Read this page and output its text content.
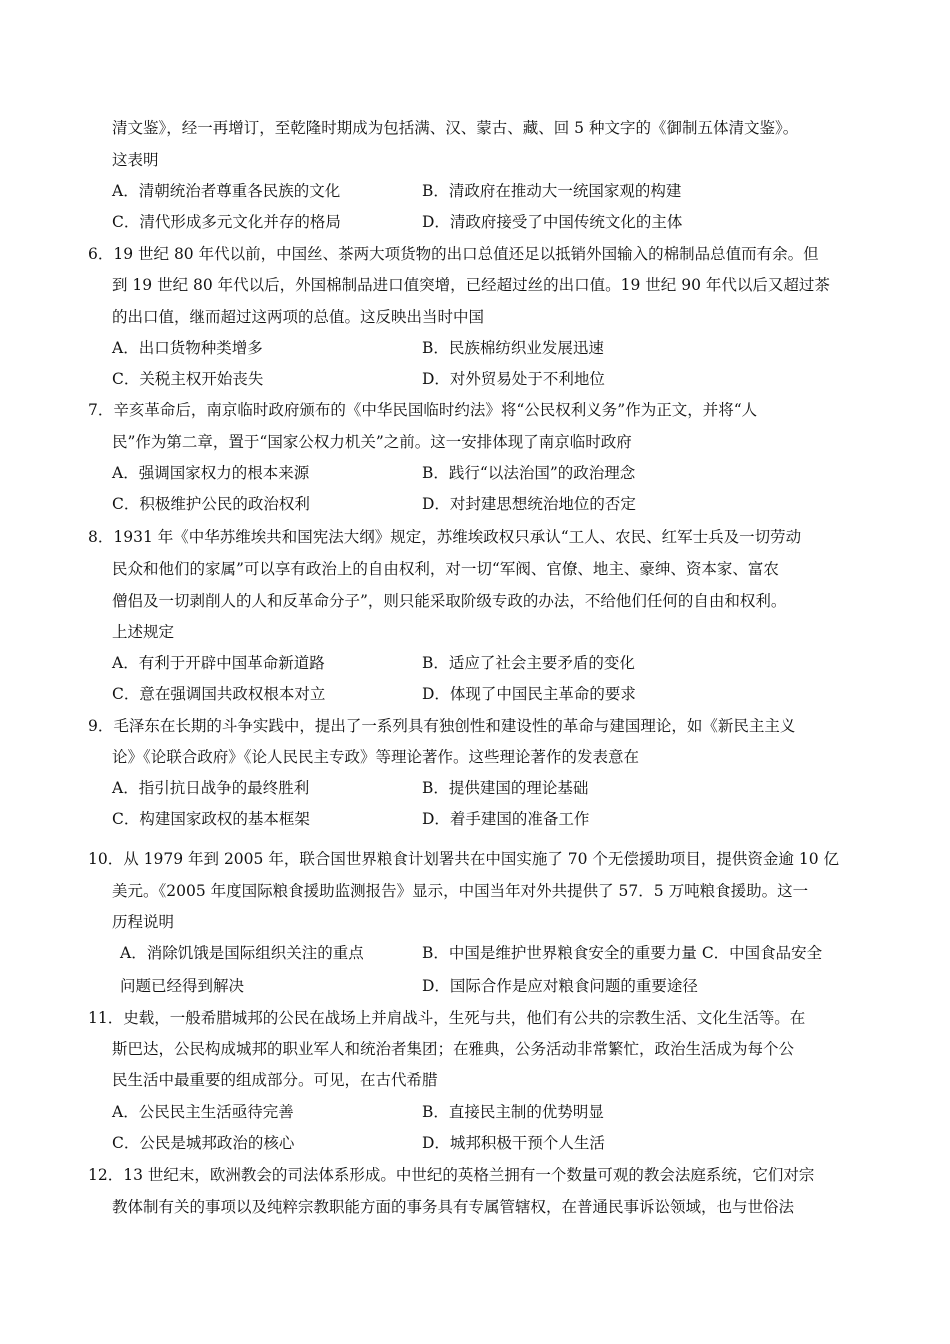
清文鉴》，经一再增订，至乾隆时期成为包括满、汉、蒙古、藏、回 5 种文字的《御制五体清文鉴》。
这表明
A．清朝统治者尊重各民族的文化	B．清政府在推动大一统国家观的构建
C．清代形成多元文化并存的格局	D．清政府接受了中国传统文化的主体
6．19 世纪 80 年代以前，中国丝、茶两大项货物的出口总值还足以抵销外国输入的棉制品总值而有余。但
到 19 世纪 80 年代以后，外国棉制品进口值突增，已经超过丝的出口值。19 世纪 90 年代以后又超过茶
的出口值，继而超过这两项的总值。这反映出当时中国
A．出口货物种类增多	B．民族棉纺织业发展迅速
C．关税主权开始丧失	D．对外贸易处于不利地位
7．辛亥革命后，南京临时政府颁布的《中华民国临时约法》将“公民权利义务”作为正文，并将“人
民”作为第二章，置于“国家公权力机关”之前。这一安排体现了南京临时政府
A．强调国家权力的根本来源	B．践行“以法治国”的政治理念
C．积极维护公民的政治权利	D．对封建思想统治地位的否定
8．1931 年《中华苏维埃共和国宪法大纲》规定，苏维埃政权只承认“工人、农民、红军士兵及一切劳动
民众和他们的家属”可以享有政治上的自由权利，对一切“军阀、官僚、地主、豪绅、资本家、富农
僧侣及一切剥削人的人和反革命分子”，则只能采取阶级专政的办法，不给他们任何的自由和权利。
上述规定
A．有利于开辟中国革命新道路	B．适应了社会主要矛盾的变化
C．意在强调国共政权根本对立	D．体现了中国民主革命的要求
9．毛泽东在长期的斗争实践中，提出了一系列具有独创性和建设性的革命与建国理论，如《新民主主义
论》《论联合政府》《论人民民主专政》等理论著作。这些理论著作的发表意在
A．指引抗日战争的最终胜利	B．提供建国的理论基础
C．构建国家政权的基本框架	D．着手建国的准备工作
10．从 1979 年到 2005 年，联合国世界粮食计划署共在中国实施了 70 个无偿援助项目，提供资金逾 10 亿
美元。《2005 年度国际粮食援助监测报告》显示，中国当年对外共提供了 57．5 万吨粮食援助。这一
历程说明
A．消除饥饿是国际组织关注的重点	B．中国是维护世界粮食安全的重要力量 C．中国食品安全
问题已经得到解决	D．国际合作是应对粮食问题的重要途径
11．史载，一般希腊城邦的公民在战场上并肩战斗，生死与共，他们有公共的宗教生活、文化生活等。在
斯巴达，公民构成城邦的职业军人和统治者集团；在雅典，公务活动非常繁忙，政治生活成为每个公
民生活中最重要的组成部分。可见，在古代希腊
A．公民民主生活亟待完善	B．直接民主制的优势明显
C．公民是城邦政治的核心	D．城邦积极干预个人生活
12．13 世纪末，欧洲教会的司法体系形成。中世纪的英格兰拥有一个数量可观的教会法庭系统，它们对宗
教体制有关的事项以及纯粹宗教职能方面的事务具有专属管辖权，在普通民事诉讼领域，也与世俗法
